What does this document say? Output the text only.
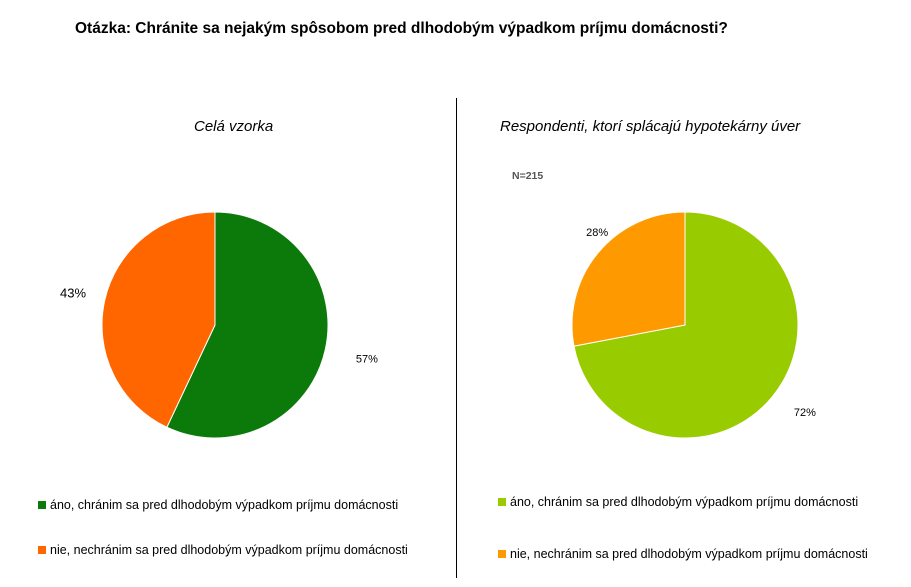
Otázka: Chránite sa nejakým spôsobom pred dlhodobým výpadkom príjmu domácnosti?
Celá vzorka
57%
43%
áno, chránim sa pred dlhodobým výpadkom príjmu domácnosti
nie, nechránim sa pred dlhodobým výpadkom príjmu domácnosti
Respondenti, ktorí splácajú hypotekárny úver
N=215
72%
28%
áno, chránim sa pred dlhodobým výpadkom príjmu domácnosti
nie, nechránim sa pred dlhodobým výpadkom príjmu domácnosti
